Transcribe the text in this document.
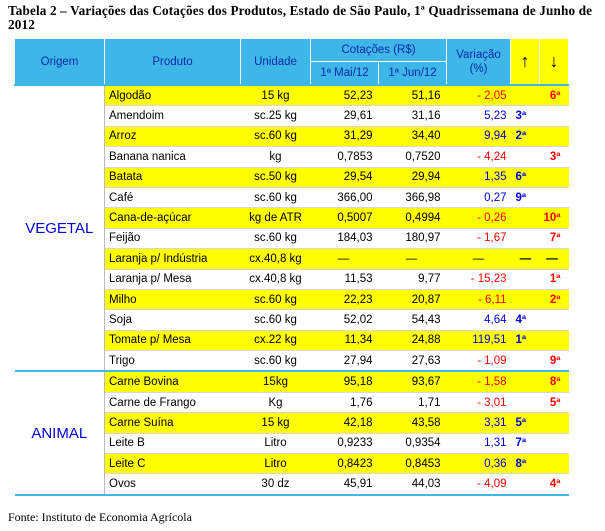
Tabela 2 – Variações das Cotações dos Produtos, Estado de São Paulo, 1ª Quadrissemana de Junho de 2012
Origem	Produto	Unidade	Cotações (R$)		Variação (%)	↑	↓
			1ª Mai/12	1ª Jun/12			
VEGETAL	Algodão	15 kg	52,23	51,16	- 2,05		6ª
	Amendoim	sc.25 kg	29,61	31,16	5,23	3ª	
	Arroz	sc.60 kg	31,29	34,40	9,94	2ª	
	Banana nanica	kg	0,7853	0,7520	- 4,24		3ª
	Batata	sc.50 kg	29,54	29,94	1,35	6ª	
	Café	sc.60 kg	366,00	366,98	0,27	9ª	
	Cana-de-açúcar	kg de ATR	0,5007	0,4994	- 0,26		10ª
	Feijão	sc.60 kg	184,03	180,97	- 1,67		7ª
	Laranja p/ Indústria	cx.40,8 kg	—	—	—	—	—
	Laranja p/ Mesa	cx.40,8 kg	11,53	9,77	- 15,23		1ª
	Milho	sc.60 kg	22,23	20,87	- 6,11		2ª
	Soja	sc.60 kg	52,02	54,43	4,64	4ª	
	Tomate p/ Mesa	cx.22 kg	11,34	24,88	119,51	1ª	
	Trigo	sc.60 kg	27,94	27,63	- 1,09		9ª
ANIMAL	Carne Bovina	15kg	95,18	93,67	- 1,58		8ª
	Carne de Frango	Kg	1,76	1,71	- 3,01		5ª
	Carne Suína	15 kg	42,18	43,58	3,31	5ª	
	Leite B	Litro	0,9233	0,9354	1,31	7ª	
	Leite C	Litro	0,8423	0,8453	0,36	8ª	
	Ovos	30 dz	45,91	44,03	- 4,09		4ª
Fonte: Instituto de Economia Agrícola
